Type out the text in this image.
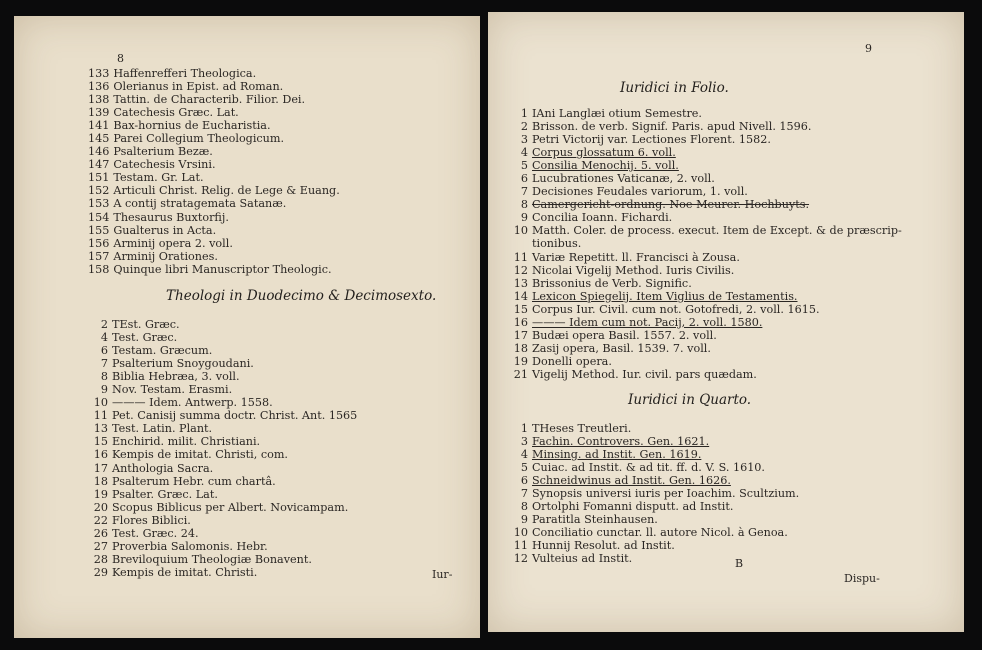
8
133 Haffenrefferi Theologica.
136 Olerianus in Epist. ad Roman.
138 Tattin. de Characterib. Filior. Dei.
139 Catechesis Græc. Lat.
141 Bax-hornius de Eucharistia.
145 Parei Collegium Theologicum.
146 Psalterium Bezæ.
147 Catechesis Vrsini.
151 Testam. Gr. Lat.
152 Articuli Christ. Relig. de Lege & Euang.
153 A contij stratagemata Satanæ.
154 Thesaurus Buxtorfij.
155 Gualterus in Acta.
156 Arminij opera 2. voll.
157 Arminij Orationes.
158 Quinque libri Manuscriptor Theologic.
Theologi in Duodecimo & Decimosexto.
2 TEst. Græc.
4 Test. Græc.
6 Testam. Græcum.
7 Psalterium Snoygoudani.
8 Biblia Hebræa, 3. voll.
9 Nov. Testam. Erasmi.
10 ——— Idem. Antwerp. 1558.
11 Pet. Canisij summa doctr. Christ. Ant. 1565
13 Test. Latin. Plant.
15 Enchirid. milit. Christiani.
16 Kempis de imitat. Christi, com.
17 Anthologia Sacra.
18 Psalterum Hebr. cum chartâ.
19 Psalter. Græc. Lat.
20 Scopus Biblicus per Albert. Novicampam.
22 Flores Biblici.
26 Test. Græc. 24.
27 Proverbia Salomonis. Hebr.
28 Breviloquium Theologiæ Bonavent.
29 Kempis de imitat. Christi.	Iur-
9
Iuridici in Folio.
1 IAni Langlæi otium Semestre.
2 Brisson. de verb. Signif. Paris. apud Nivell. 1596.
3 Petri Victorij var. Lectiones Florent. 1582.
4 Corpus glossatum 6. voll.
5 Consilia Menochij. 5. voll.
6 Lucubrationes Vaticanæ, 2. voll.
7 Decisiones Feudales variorum, 1. voll.
8 Camergericht-ordnung. Noe Meurer. Hochbuyts.
9 Concilia Ioann. Fichardi.
10 Matth. Coler. de process. execut. Item de Except. & de præscrip-
tionibus.
11 Variæ Repetitt. ll. Francisci à Zousa.
12 Nicolai Vigelij Method. Iuris Civilis.
13 Brissonius de Verb. Signific.
14 Lexicon Spiegelij. Item Viglius de Testamentis.
15 Corpus Iur. Civil. cum not. Gotofredi, 2. voll. 1615.
16 ——— Idem cum not. Pacij, 2. voll. 1580.
17 Budæi opera Basil. 1557. 2. voll.
18 Zasij opera, Basil. 1539. 7. voll.
19 Donelli opera.
21 Vigelij Method. Iur. civil. pars quædam.
Iuridici in Quarto.
1 THeses Treutleri.
3 Fachin. Controvers. Gen. 1621.
4 Minsing. ad Instit. Gen. 1619.
5 Cuiac. ad Instit. & ad tit. ff. d. V. S. 1610.
6 Schneidwinus ad Instit. Gen. 1626.
7 Synopsis universi iuris per Ioachim. Scultzium.
8 Ortolphi Fomanni disputt. ad Instit.
9 Paratitla Steinhausen.
10 Conciliatio cunctar. ll. autore Nicol. à Genoa.
11 Hunnij Resolut. ad Instit.
12 Vulteius ad Instit.	B
Dispu-
